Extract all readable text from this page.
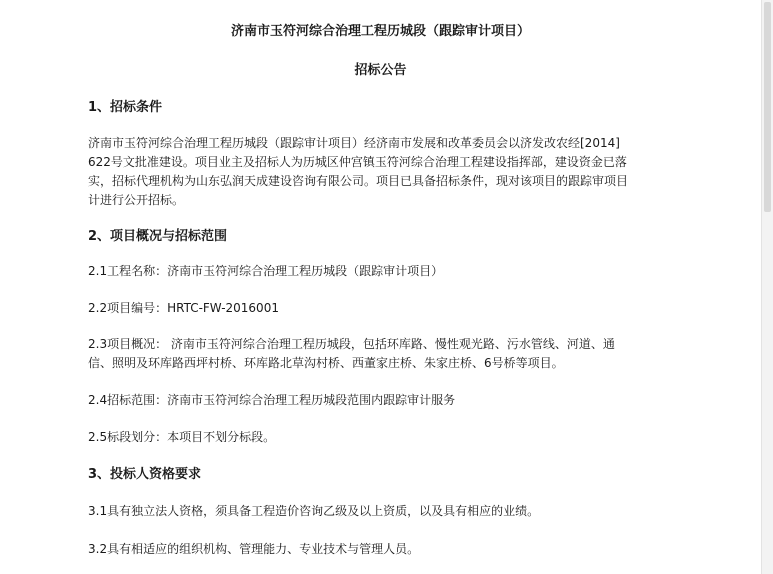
济南市玉符河综合治理工程历城段（跟踪审计项目）
招标公告
1、招标条件
济南市玉符河综合治理工程历城段（跟踪审计项目）经济南市发展和改革委员会以济发改农经[2014]
622号文批准建设。项目业主及招标人为历城区仲宫镇玉符河综合治理工程建设指挥部，建设资金已落
实，招标代理机构为山东弘润天成建设咨询有限公司。项目已具备招标条件，现对该项目的跟踪审项目
计进行公开招标。
2、项目概况与招标范围
2.1工程名称：济南市玉符河综合治理工程历城段（跟踪审计项目）
2.2项目编号：HRTC-FW-2016001
2.3项目概况： 济南市玉符河综合治理工程历城段，包括环库路、慢性观光路、污水管线、河道、通
信、照明及环库路西坪村桥、环库路北草沟村桥、西董家庄桥、朱家庄桥、6号桥等项目。
2.4招标范围：济南市玉符河综合治理工程历城段范围内跟踪审计服务
2.5标段划分：本项目不划分标段。
3、投标人资格要求
3.1具有独立法人资格，须具备工程造价咨询乙级及以上资质，以及具有相应的业绩。
3.2具有相适应的组织机构、管理能力、专业技术与管理人员。
